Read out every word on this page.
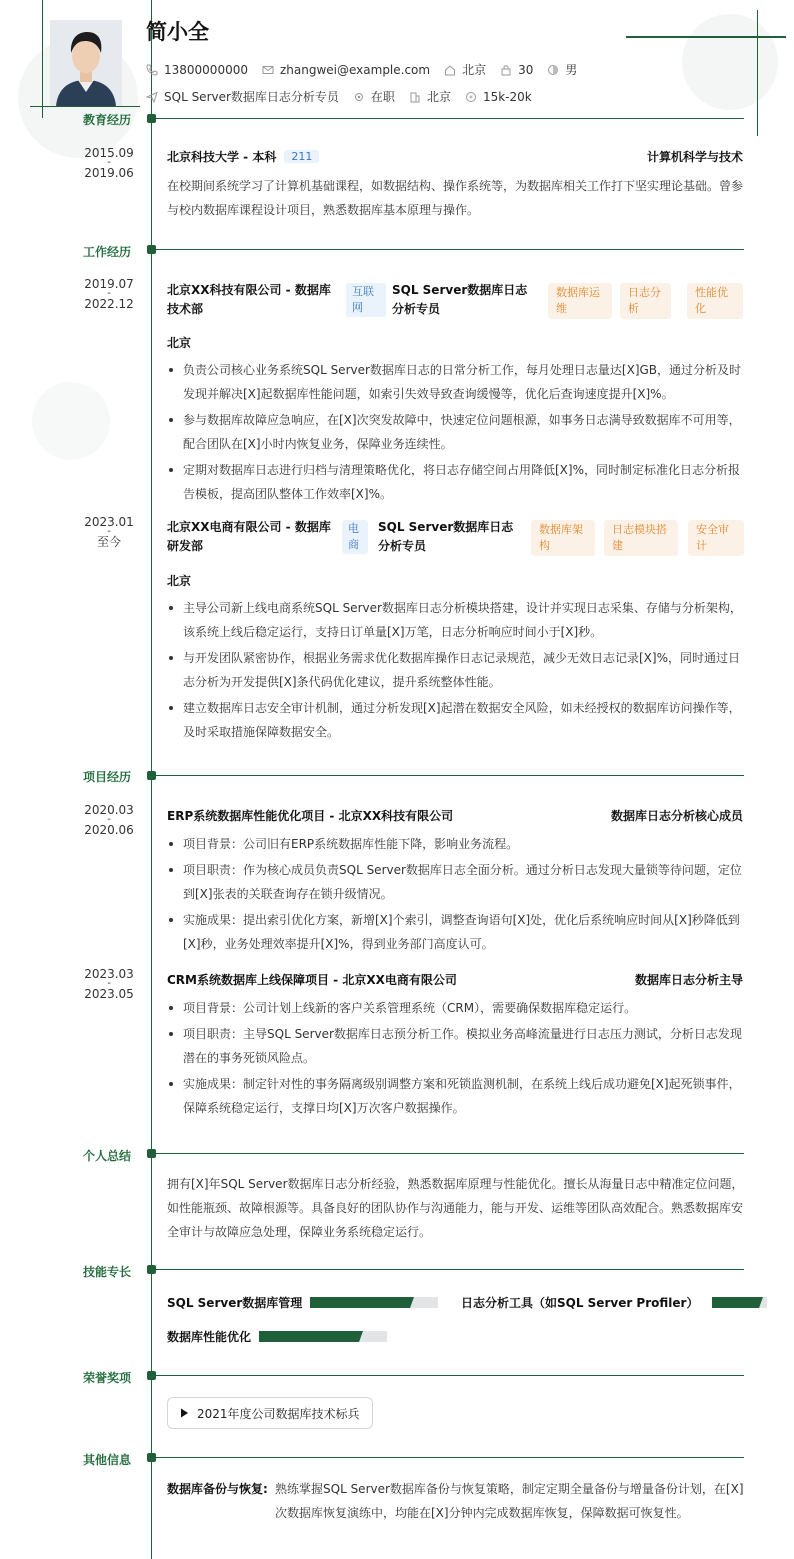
简小全
13800000000	zhangwei@example.com	北京	30	男
SQL Server数据库日志分析专员	在职	北京	15k-20k
教育经历
2015.09
-
2019.06
北京科技大学 - 本科	211	计算机科学与技术
在校期间系统学习了计算机基础课程，如数据结构、操作系统等，为数据库相关工作打下坚实理论基础。曾参与校内数据库课程设计项目，熟悉数据库基本原理与操作。
工作经历
2019.07
-
2022.12
北京XX科技有限公司 - 数据库技术部
互联网
SQL Server数据库日志分析专员
数据库运维
日志分析
性能优化
北京
负责公司核心业务系统SQL Server数据库日志的日常分析工作，每月处理日志量达[X]GB，通过分析及时发现并解决[X]起数据库性能问题，如索引失效导致查询缓慢等，优化后查询速度提升[X]%。
参与数据库故障应急响应，在[X]次突发故障中，快速定位问题根源，如事务日志满导致数据库不可用等，配合团队在[X]小时内恢复业务，保障业务连续性。
定期对数据库日志进行归档与清理策略优化，将日志存储空间占用降低[X]%，同时制定标准化日志分析报告模板，提高团队整体工作效率[X]%。
2023.01
-
至今
北京XX电商有限公司 - 数据库研发部
电商
SQL Server数据库日志分析专员
数据库架构
日志模块搭建
安全审计
北京
主导公司新上线电商系统SQL Server数据库日志分析模块搭建，设计并实现日志采集、存储与分析架构，该系统上线后稳定运行，支持日订单量[X]万笔，日志分析响应时间小于[X]秒。
与开发团队紧密协作，根据业务需求优化数据库操作日志记录规范，减少无效日志记录[X]%，同时通过日志分析为开发提供[X]条代码优化建议，提升系统整体性能。
建立数据库日志安全审计机制，通过分析发现[X]起潜在数据安全风险，如未经授权的数据库访问操作等，及时采取措施保障数据安全。
项目经历
2020.03
-
2020.06
ERP系统数据库性能优化项目 - 北京XX科技有限公司	数据库日志分析核心成员
项目背景：公司旧有ERP系统数据库性能下降，影响业务流程。
项目职责：作为核心成员负责SQL Server数据库日志全面分析。通过分析日志发现大量锁等待问题，定位到[X]张表的关联查询存在锁升级情况。
实施成果：提出索引优化方案，新增[X]个索引，调整查询语句[X]处，优化后系统响应时间从[X]秒降低到[X]秒，业务处理效率提升[X]%，得到业务部门高度认可。
2023.03
-
2023.05
CRM系统数据库上线保障项目 - 北京XX电商有限公司	数据库日志分析主导
项目背景：公司计划上线新的客户关系管理系统（CRM），需要确保数据库稳定运行。
项目职责：主导SQL Server数据库日志预分析工作。模拟业务高峰流量进行日志压力测试，分析日志发现潜在的事务死锁风险点。
实施成果：制定针对性的事务隔离级别调整方案和死锁监测机制，在系统上线后成功避免[X]起死锁事件，保障系统稳定运行，支撑日均[X]万次客户数据操作。
个人总结
拥有[X]年SQL Server数据库日志分析经验，熟悉数据库原理与性能优化。擅长从海量日志中精准定位问题，如性能瓶颈、故障根源等。具备良好的团队协作与沟通能力，能与开发、运维等团队高效配合。熟悉数据库安全审计与故障应急处理，保障业务系统稳定运行。
技能专长
SQL Server数据库管理	日志分析工具（如SQL Server Profiler）
数据库性能优化
荣誉奖项
2021年度公司数据库技术标兵
其他信息
数据库备份与恢复: 熟练掌握SQL Server数据库备份与恢复策略，制定定期全量备份与增量备份计划，在[X]次数据库恢复演练中，均能在[X]分钟内完成数据库恢复，保障数据可恢复性。
